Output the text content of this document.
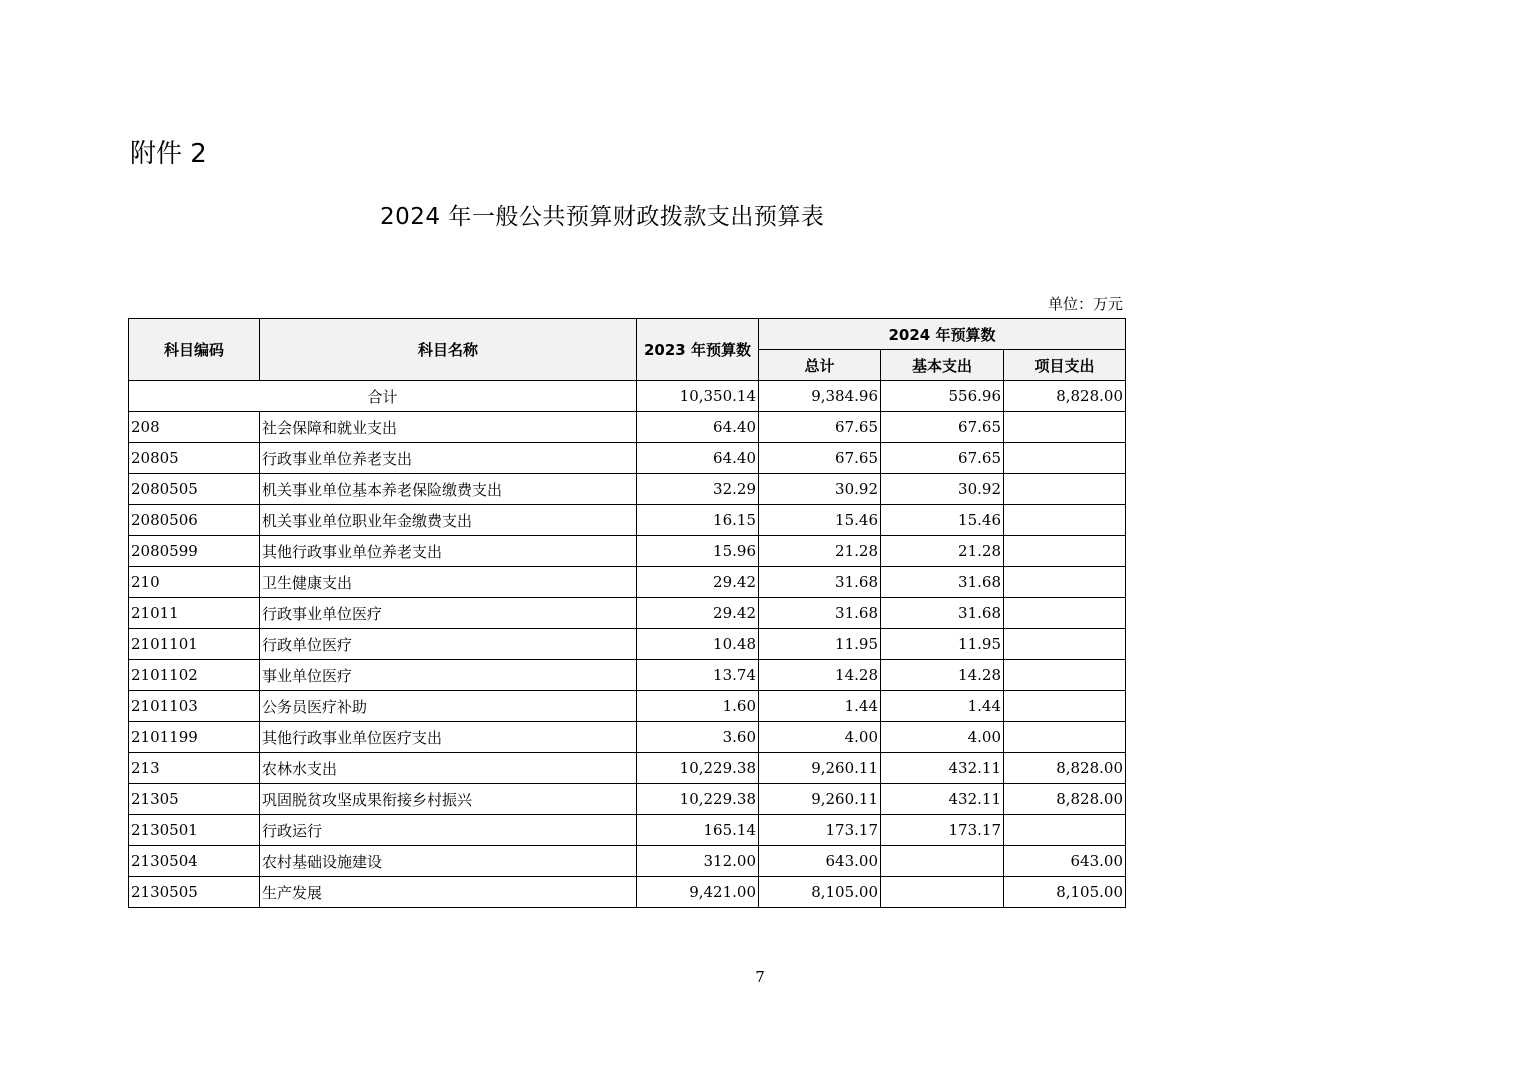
附件 2
2024 年一般公共预算财政拨款支出预算表
单位：万元
科目编码	科目名称	2023 年预算数	2024 年预算数		
			总计	基本支出	项目支出
合计		10,350.14	9,384.96	556.96	8,828.00
208	社会保障和就业支出	64.40	67.65	67.65	
20805	行政事业单位养老支出	64.40	67.65	67.65	
2080505	机关事业单位基本养老保险缴费支出	32.29	30.92	30.92	
2080506	机关事业单位职业年金缴费支出	16.15	15.46	15.46	
2080599	其他行政事业单位养老支出	15.96	21.28	21.28	
210	卫生健康支出	29.42	31.68	31.68	
21011	行政事业单位医疗	29.42	31.68	31.68	
2101101	行政单位医疗	10.48	11.95	11.95	
2101102	事业单位医疗	13.74	14.28	14.28	
2101103	公务员医疗补助	1.60	1.44	1.44	
2101199	其他行政事业单位医疗支出	3.60	4.00	4.00	
213	农林水支出	10,229.38	9,260.11	432.11	8,828.00
21305	巩固脱贫攻坚成果衔接乡村振兴	10,229.38	9,260.11	432.11	8,828.00
2130501	行政运行	165.14	173.17	173.17	
2130504	农村基础设施建设	312.00	643.00		643.00
2130505	生产发展	9,421.00	8,105.00		8,105.00
7
